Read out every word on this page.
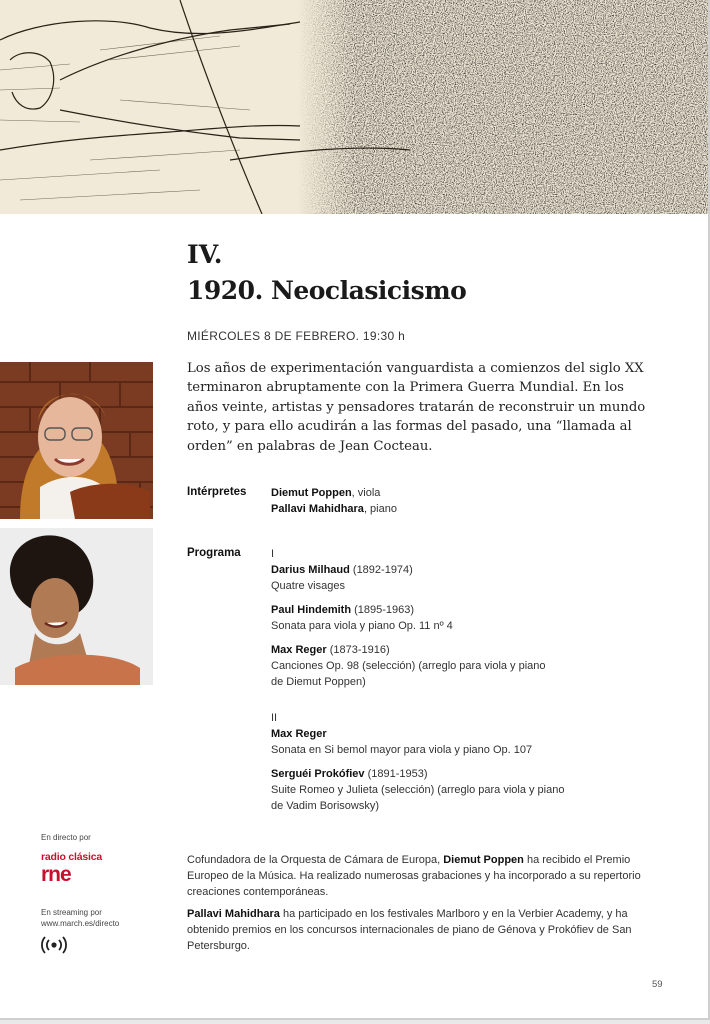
IV.
1920. Neoclasicismo
MIÉRCOLES 8 DE FEBRERO. 19:30 h
Los años de experimentación vanguardista a comienzos del siglo XX terminaron abruptamente con la Primera Guerra Mundial. En los años veinte, artistas y pensadores tratarán de reconstruir un mundo roto, y para ello acudirán a las formas del pasado, una “llamada al orden” en palabras de Jean Cocteau.
Intérpretes Diemut Poppen, viola
Pallavi Mahidhara, piano
Programa	I
Darius Milhaud (1892-1974)
Quatre visages
Paul Hindemith (1895-1963)
Sonata para viola y piano Op. 11 nº 4
Max Reger (1873-1916)
Canciones Op. 98 (selección) (arreglo para viola y piano
de Diemut Poppen)
II
Max Reger
Sonata en Si bemol mayor para viola y piano Op. 107
Serguéi Prokófiev (1891-1953)
Suite Romeo y Julieta (selección) (arreglo para viola y piano
de Vadim Borisowsky)
En directo por
radio clásica
rne
En streaming por
www.march.es/directo

Cofundadora de la Orquesta de Cámara de Europa, Diemut Poppen ha recibido el Premio Europeo de la Música. Ha realizado numerosas grabaciones y ha incorporado a su repertorio creaciones contemporáneas.

Pallavi Mahidhara ha participado en los festivales Marlboro y en la Verbier Academy, y ha obtenido premios en los concursos internacionales de piano de Génova y Prokófiev de San Petersburgo.

59
